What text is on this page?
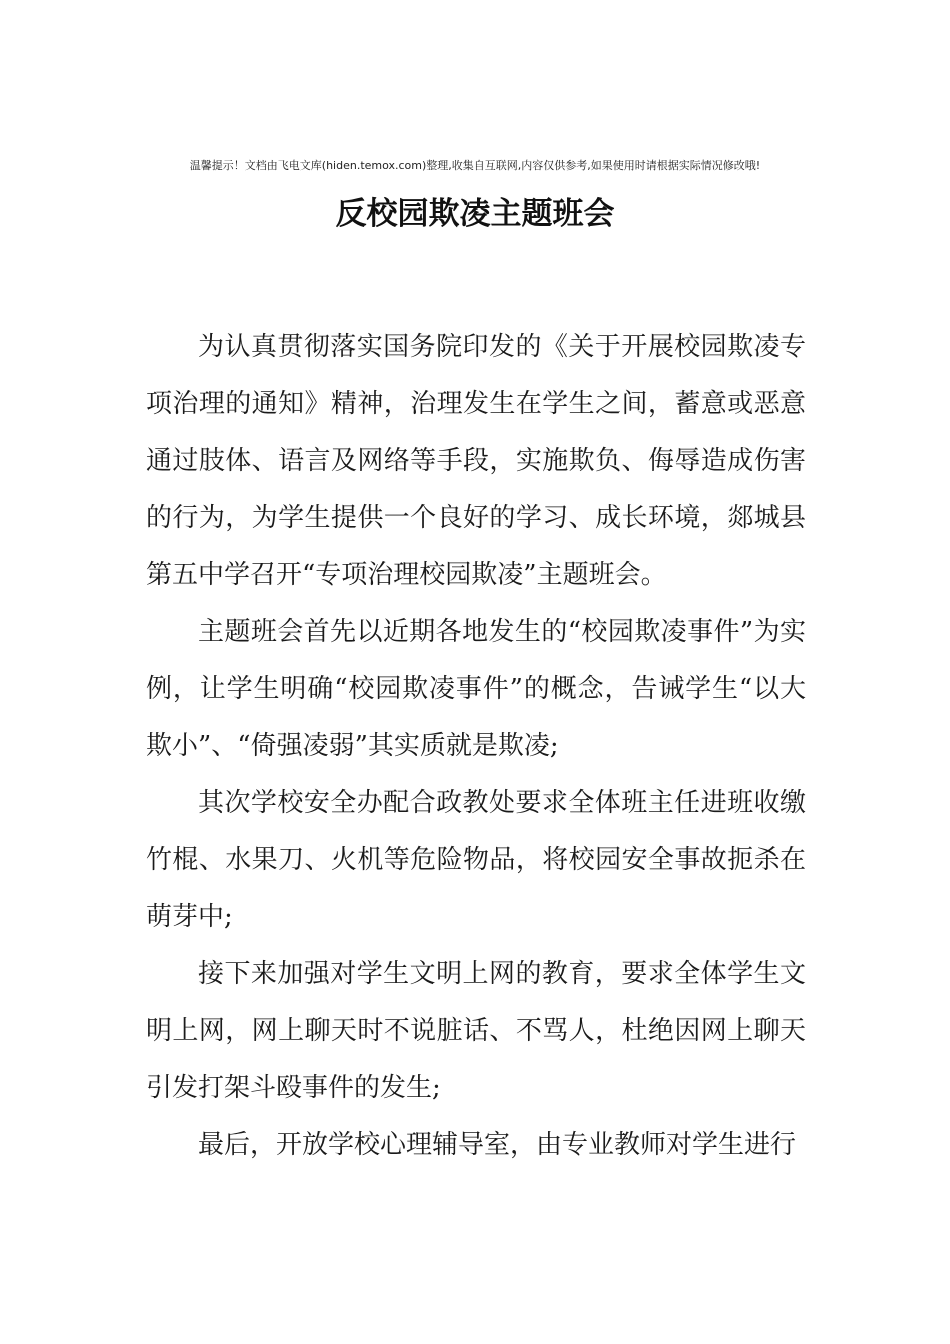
温馨提示！文档由飞电文库(hiden.temox.com)整理,收集自互联网,内容仅供参考,如果使用时请根据实际情况修改哦!
反校园欺凌主题班会

为认真贯彻落实国务院印发的《关于开展校园欺凌专项治理的通知》精神，治理发生在学生之间，蓄意或恶意通过肢体、语言及网络等手段，实施欺负、侮辱造成伤害的行为，为学生提供一个良好的学习、成长环境，郯城县第五中学召开“专项治理校园欺凌”主题班会。

主题班会首先以近期各地发生的“校园欺凌事件”为实例，让学生明确“校园欺凌事件”的概念，告诫学生“以大欺小”、“倚强凌弱”其实质就是欺凌;

其次学校安全办配合政教处要求全体班主任进班收缴竹棍、水果刀、火机等危险物品，将校园安全事故扼杀在萌芽中;

接下来加强对学生文明上网的教育，要求全体学生文明上网，网上聊天时不说脏话、不骂人，杜绝因网上聊天引发打架斗殴事件的发生;

最后，开放学校心理辅导室，由专业教师对学生进行
